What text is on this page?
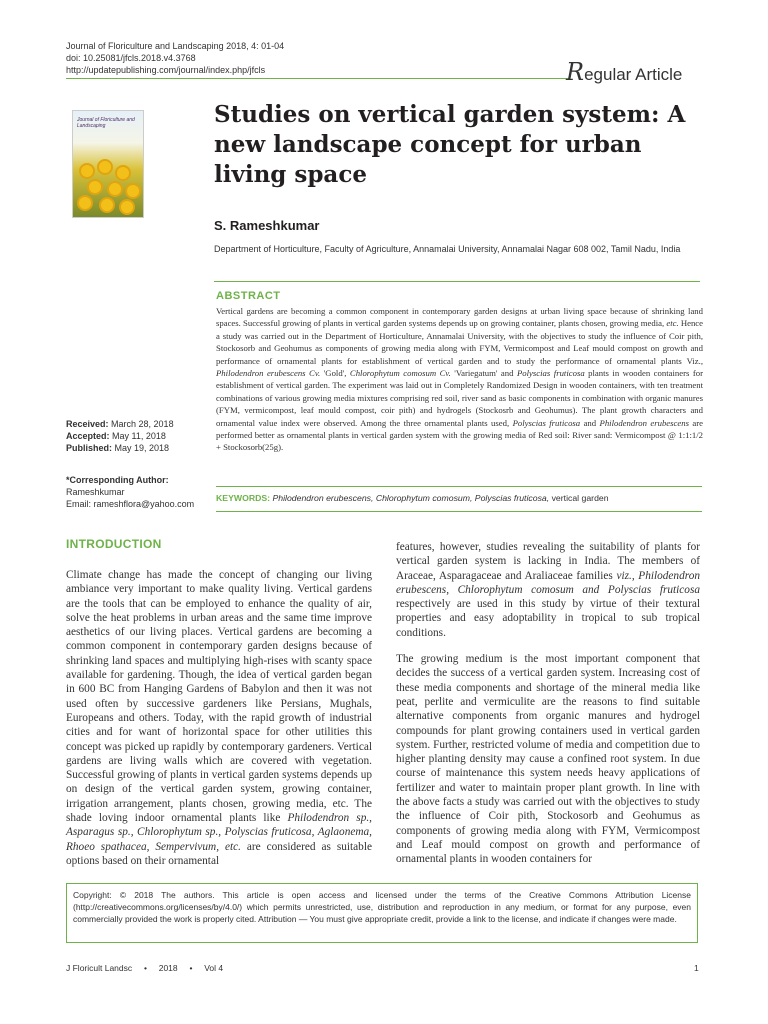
Journal of Floriculture and Landscaping 2018, 4: 01-04
doi: 10.25081/jfcls.2018.v4.3768
http://updatepublishing.com/journal/index.php/jfcls	Regular Article
Journal of Floriculture and Landscaping	Studies on vertical garden system: A new landscape concept for urban living space
S. Rameshkumar
Department of Horticulture, Faculty of Agriculture, Annamalai University, Annamalai Nagar 608 002, Tamil Nadu, India
ABSTRACT
Vertical gardens are becoming a common component in contemporary garden designs at urban living space because of shrinking land spaces. Successful growing of plants in vertical garden systems depends up on growing container, plants chosen, growing media, etc. Hence a study was carried out in the Department of Horticulture, Annamalai University, with the objectives to study the influence of Coir pith, Stockosorb and Geohumus as components of growing media along with FYM, Vermicompost and Leaf mould compost on growth and performance of ornamental plants for establishment of vertical garden and to study the performance of ornamental plants Viz., Philodendron erubescens Cv. 'Gold', Chlorophytum comosum Cv. 'Variegatum' and Polyscias fruticosa plants in wooden containers for establishment of vertical garden. The experiment was laid out in Completely Randomized Design in wooden containers, with ten treatment combinations of various growing media mixtures comprising red soil, river sand as basic components in combination with organic manures (FYM, vermicompost, leaf mould compost, coir pith) and hydrogels (Stockosrb and Geohumus). The plant growth characters and ornamental value index were observed. Among the three ornamental plants used, Polyscias fruticosa and Philodendron erubescens are performed better as ornamental plants in vertical garden system with the growing media of Red soil: River sand: Vermicompost @ 1:1:1/2 + Stockosorb(25g).
KEYWORDS: Philodendron erubescens, Chlorophytum comosum, Polyscias fruticosa, vertical garden
Received: March 28, 2018
Accepted: May 11, 2018
Published: May 19, 2018
*Corresponding Author:
Rameshkumar
Email: rameshflora@yahoo.com
INTRODUCTION

Climate change has made the concept of changing our living ambiance very important to make quality living. Vertical gardens are the tools that can be employed to enhance the quality of air, solve the heat problems in urban areas and the same time improve aesthetics of our living places. Vertical gardens are becoming a common component in contemporary garden designs because of shrinking land spaces and multiplying high-rises with scanty space available for gardening. Though, the idea of vertical garden began in 600 BC from Hanging Gardens of Babylon and then it was not used often by successive gardeners like Persians, Mughals, Europeans and others. Today, with the rapid growth of industrial cities and for want of horizontal space for other utilities this concept was picked up rapidly by contemporary gardeners. Vertical gardens are living walls which are covered with vegetation. Successful growing of plants in vertical garden systems depends up on design of the vertical garden system, growing container, irrigation arrangement, plants chosen, growing media, etc. The shade loving indoor ornamental plants like Philodendron sp., Asparagus sp., Chlorophytum sp., Polyscias fruticosa, Aglaonema, Rhoeo spathacea, Sempervivum, etc. are considered as suitable options based on their ornamental

features, however, studies revealing the suitability of plants for vertical garden system is lacking in India. The members of Araceae, Asparagaceae and Araliaceae families viz., Philodendron erubescens, Chlorophytum comosum and Polyscias fruticosa respectively are used in this study by virtue of their textural properties and easy adoptability in tropical to sub tropical conditions.

The growing medium is the most important component that decides the success of a vertical garden system. Increasing cost of these media components and shortage of the mineral media like peat, perlite and vermiculite are the reasons to find suitable alternative components from organic manures and hydrogel compounds for plant growing containers used in vertical garden system. Further, restricted volume of media and competition due to higher planting density may cause a confined root system. In due course of maintenance this system needs heavy applications of fertilizer and water to maintain proper plant growth. In line with the above facts a study was carried out with the objectives to study the influence of Coir pith, Stockosorb and Geohumus as components of growing media along with FYM, Vermicompost and Leaf mould compost on growth and performance of ornamental plants in wooden containers for

Copyright: © 2018 The authors. This article is open access and licensed under the terms of the Creative Commons Attribution License (http://creativecommons.org/licenses/by/4.0/) which permits unrestricted, use, distribution and reproduction in any medium, or format for any purpose, even commercially provided the work is properly cited. Attribution — You must give appropriate credit, provide a link to the license, and indicate if changes were made.
J Floricult Landsc     •     2018     •     Vol 4	1
